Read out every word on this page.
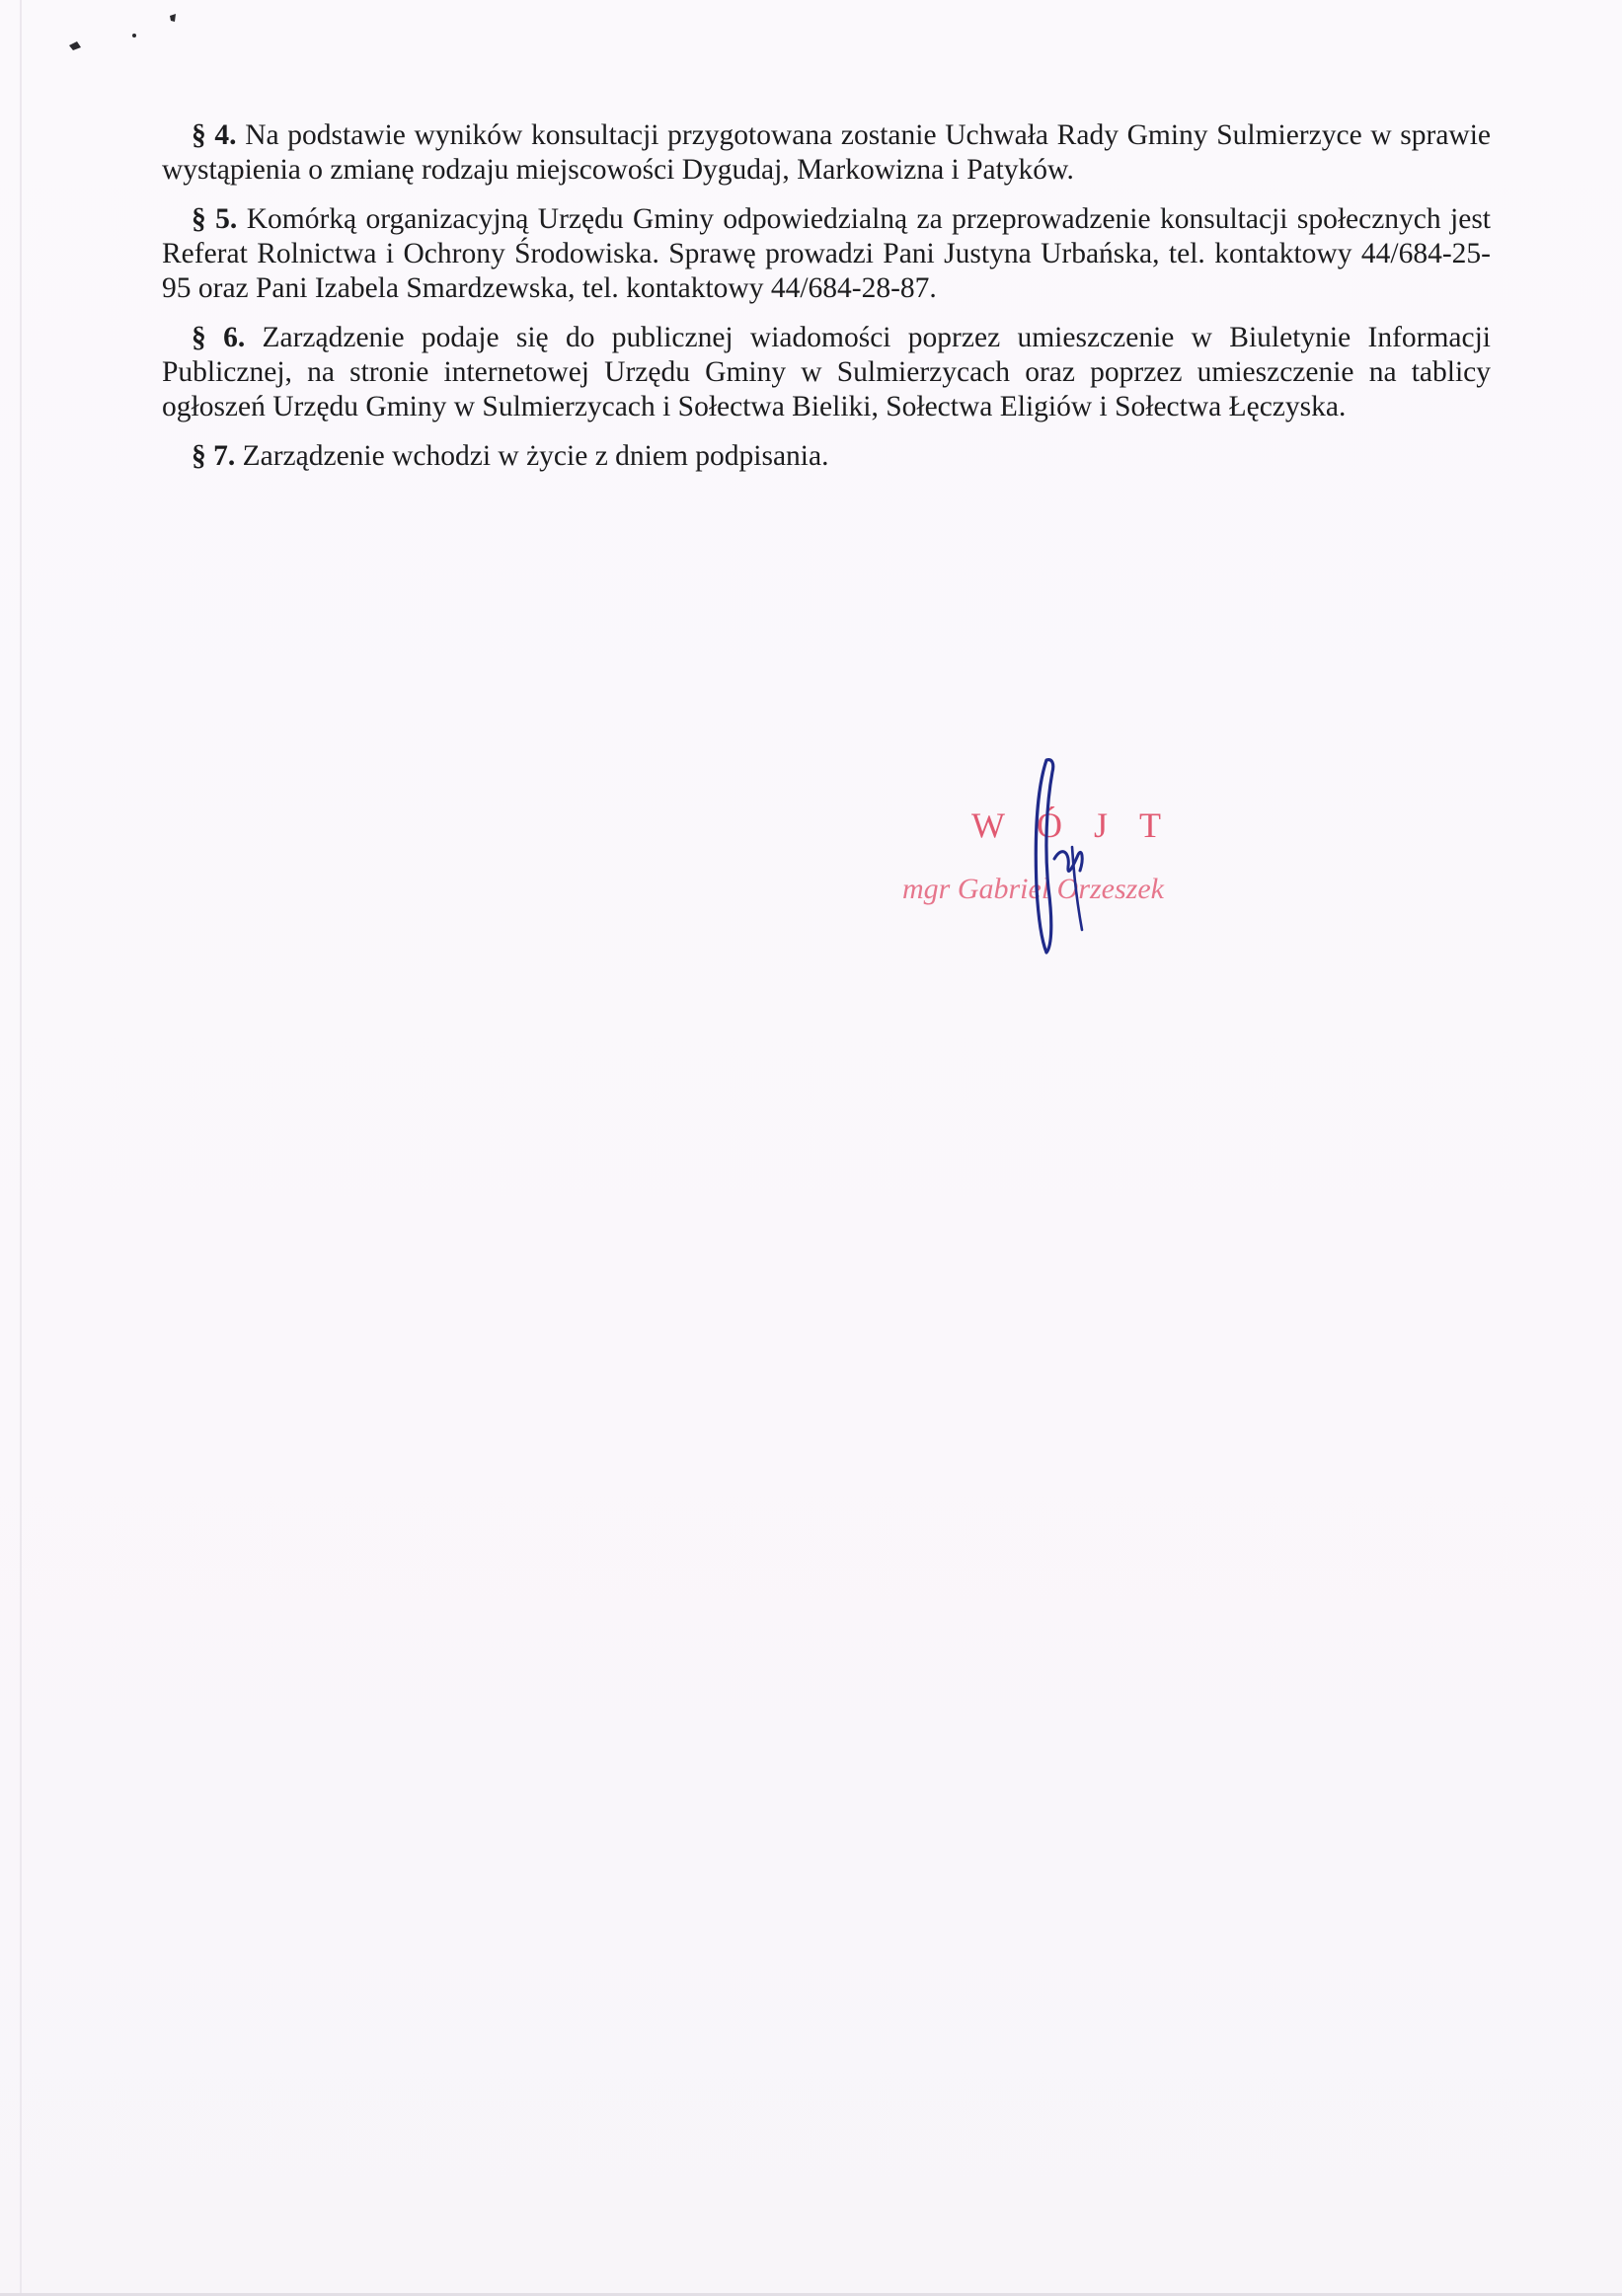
§ 4. Na podstawie wyników konsultacji przygotowana zostanie Uchwała Rady Gminy Sulmierzyce w sprawie wystąpienia o zmianę rodzaju miejscowości Dygudaj, Markowizna i Patyków.

§ 5. Komórką organizacyjną Urzędu Gminy odpowiedzialną za przeprowadzenie konsultacji społecznych jest Referat Rolnictwa i Ochrony Środowiska. Sprawę prowadzi Pani Justyna Urbańska, tel. kontaktowy 44/684-25-95 oraz Pani Izabela Smardzewska, tel. kontaktowy 44/684-28-87.

§ 6. Zarządzenie podaje się do publicznej wiadomości poprzez umieszczenie w Biuletynie Informacji Publicznej, na stronie internetowej Urzędu Gminy w Sulmierzycach oraz poprzez umieszczenie na tablicy ogłoszeń Urzędu Gminy w Sulmierzycach i Sołectwa Bieliki, Sołectwa Eligiów i Sołectwa Łęczyska.

§ 7. Zarządzenie wchodzi w życie z dniem podpisania.

WÓJT
mgr Gabriel Orzeszek
